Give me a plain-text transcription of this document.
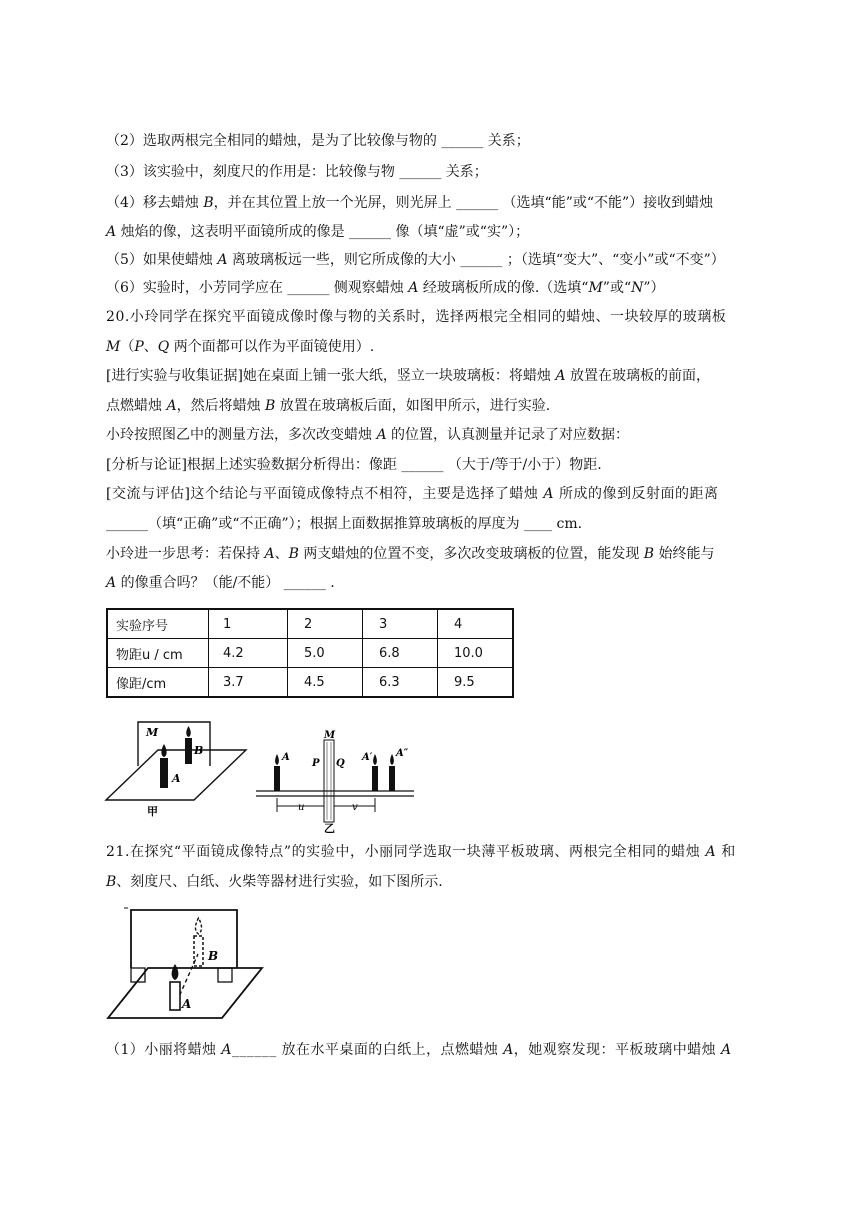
（2）选取两根完全相同的蜡烛，是为了比较像与物的 ______ 关系；
（3）该实验中，刻度尺的作用是：比较像与物 ______ 关系；
（4）移去蜡烛 B，并在其位置上放一个光屏，则光屏上 ______ （选填“能”或“不能”）接收到蜡烛
A 烛焰的像，这表明平面镜所成的像是 ______ 像（填“虚”或“实”）；
（5）如果使蜡烛 A 离玻璃板远一些，则它所成像的大小 ______ ；（选填“变大”、“变小”或“不变”）
（6）实验时，小芳同学应在 ______ 侧观察蜡烛 A 经玻璃板所成的像.（选填“M”或“N”）
20.小玲同学在探究平面镜成像时像与物的关系时，选择两根完全相同的蜡烛、一块较厚的玻璃板
M（P、Q 两个面都可以作为平面镜使用）.
[进行实验与收集证据]她在桌面上铺一张大纸，竖立一块玻璃板：将蜡烛 A 放置在玻璃板的前面，
点燃蜡烛 A，然后将蜡烛 B 放置在玻璃板后面，如图甲所示，进行实验.
小玲按照图乙中的测量方法，多次改变蜡烛 A 的位置，认真测量并记录了对应数据：
[分析与论证]根据上述实验数据分析得出：像距 ______ （大于/等于/小于）物距.
[交流与评估]这个结论与平面镜成像特点不相符，主要是选择了蜡烛 A 所成的像到反射面的距离
______（填“正确”或“不正确”）；根据上面数据推算玻璃板的厚度为 ____ cm.
小玲进一步思考：若保持 A、B 两支蜡烛的位置不变，多次改变玻璃板的位置，能发现 B 始终能与
A 的像重合吗？（能/不能） ______ .
实验序号	1	2	3	4
物距u / cm	4.2	5.0	6.8	10.0
像距/cm	3.7	4.5	6.3	9.5
M
B
A
甲
A
P
M
Q
A′ A″
u	v
乙
21.在探究“平面镜成像特点”的实验中，小丽同学选取一块薄平板玻璃、两根完全相同的蜡烛 A 和
B、刻度尺、白纸、火柴等器材进行实验，如下图所示.
B
A
（1）小丽将蜡烛 A______ 放在水平桌面的白纸上，点燃蜡烛 A，她观察发现：平板玻璃中蜡烛 A
